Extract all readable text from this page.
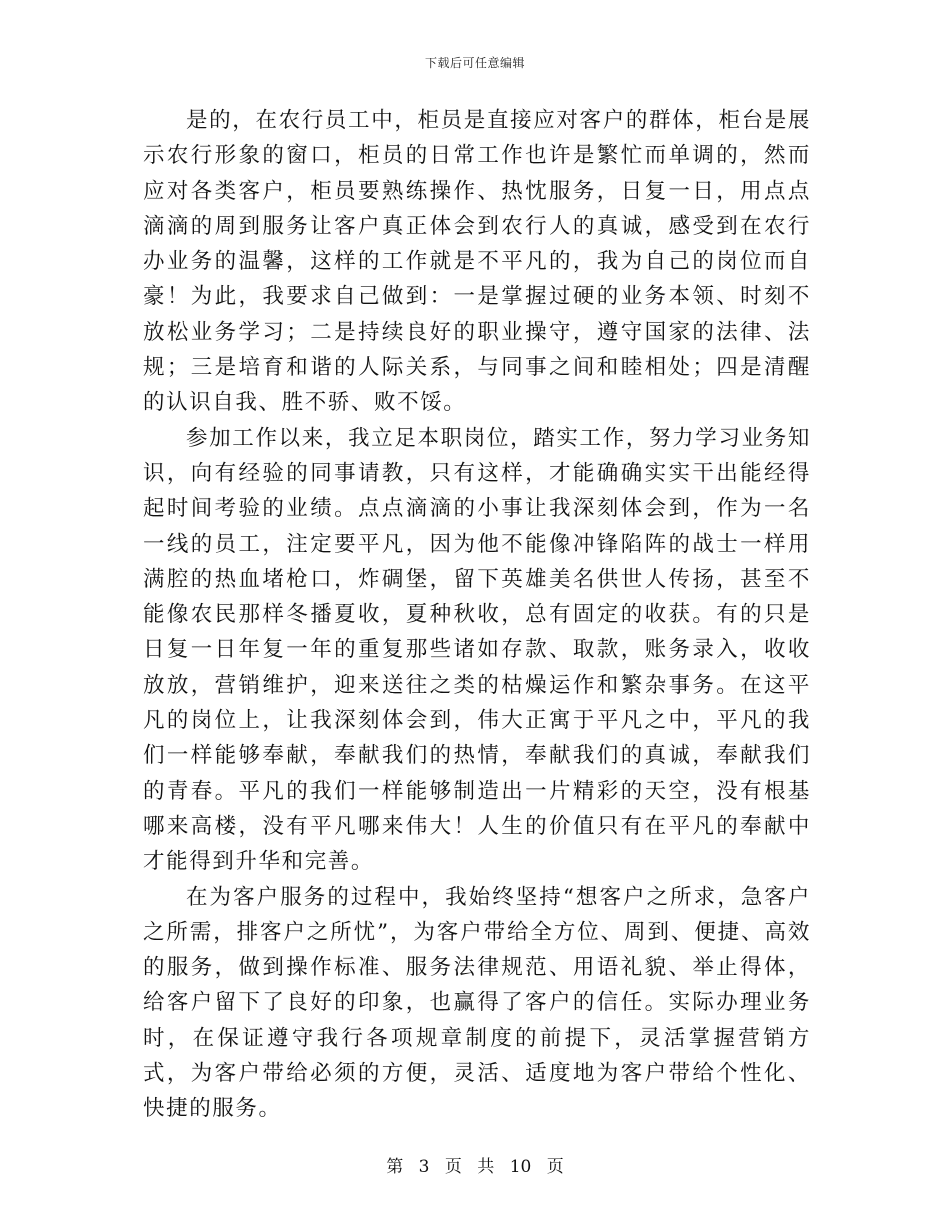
下载后可任意编辑

是的，在农行员工中，柜员是直接应对客户的群体，柜台是展示农行形象的窗口，柜员的日常工作也许是繁忙而单调的，然而应对各类客户，柜员要熟练操作、热忱服务，日复一日，用点点滴滴的周到服务让客户真正体会到农行人的真诚，感受到在农行办业务的温馨，这样的工作就是不平凡的，我为自己的岗位而自豪！为此，我要求自己做到：一是掌握过硬的业务本领、时刻不放松业务学习；二是持续良好的职业操守，遵守国家的法律、法规；三是培育和谐的人际关系，与同事之间和睦相处；四是清醒的认识自我、胜不骄、败不馁。

参加工作以来，我立足本职岗位，踏实工作，努力学习业务知识，向有经验的同事请教，只有这样，才能确确实实干出能经得起时间考验的业绩。点点滴滴的小事让我深刻体会到，作为一名一线的员工，注定要平凡，因为他不能像冲锋陷阵的战士一样用满腔的热血堵枪口，炸碉堡，留下英雄美名供世人传扬，甚至不能像农民那样冬播夏收，夏种秋收，总有固定的收获。有的只是日复一日年复一年的重复那些诸如存款、取款，账务录入，收收放放，营销维护，迎来送往之类的枯燥运作和繁杂事务。在这平凡的岗位上，让我深刻体会到，伟大正寓于平凡之中，平凡的我们一样能够奉献，奉献我们的热情，奉献我们的真诚，奉献我们的青春。平凡的我们一样能够制造出一片精彩的天空，没有根基哪来高楼，没有平凡哪来伟大！人生的价值只有在平凡的奉献中才能得到升华和完善。

在为客户服务的过程中，我始终坚持“想客户之所求，急客户之所需，排客户之所忧”，为客户带给全方位、周到、便捷、高效的服务，做到操作标准、服务法律规范、用语礼貌、举止得体，给客户留下了良好的印象，也赢得了客户的信任。实际办理业务时，在保证遵守我行各项规章制度的前提下，灵活掌握营销方式，为客户带给必须的方便，灵活、适度地为客户带给个性化、快捷的服务。

第 3 页 共 10 页
